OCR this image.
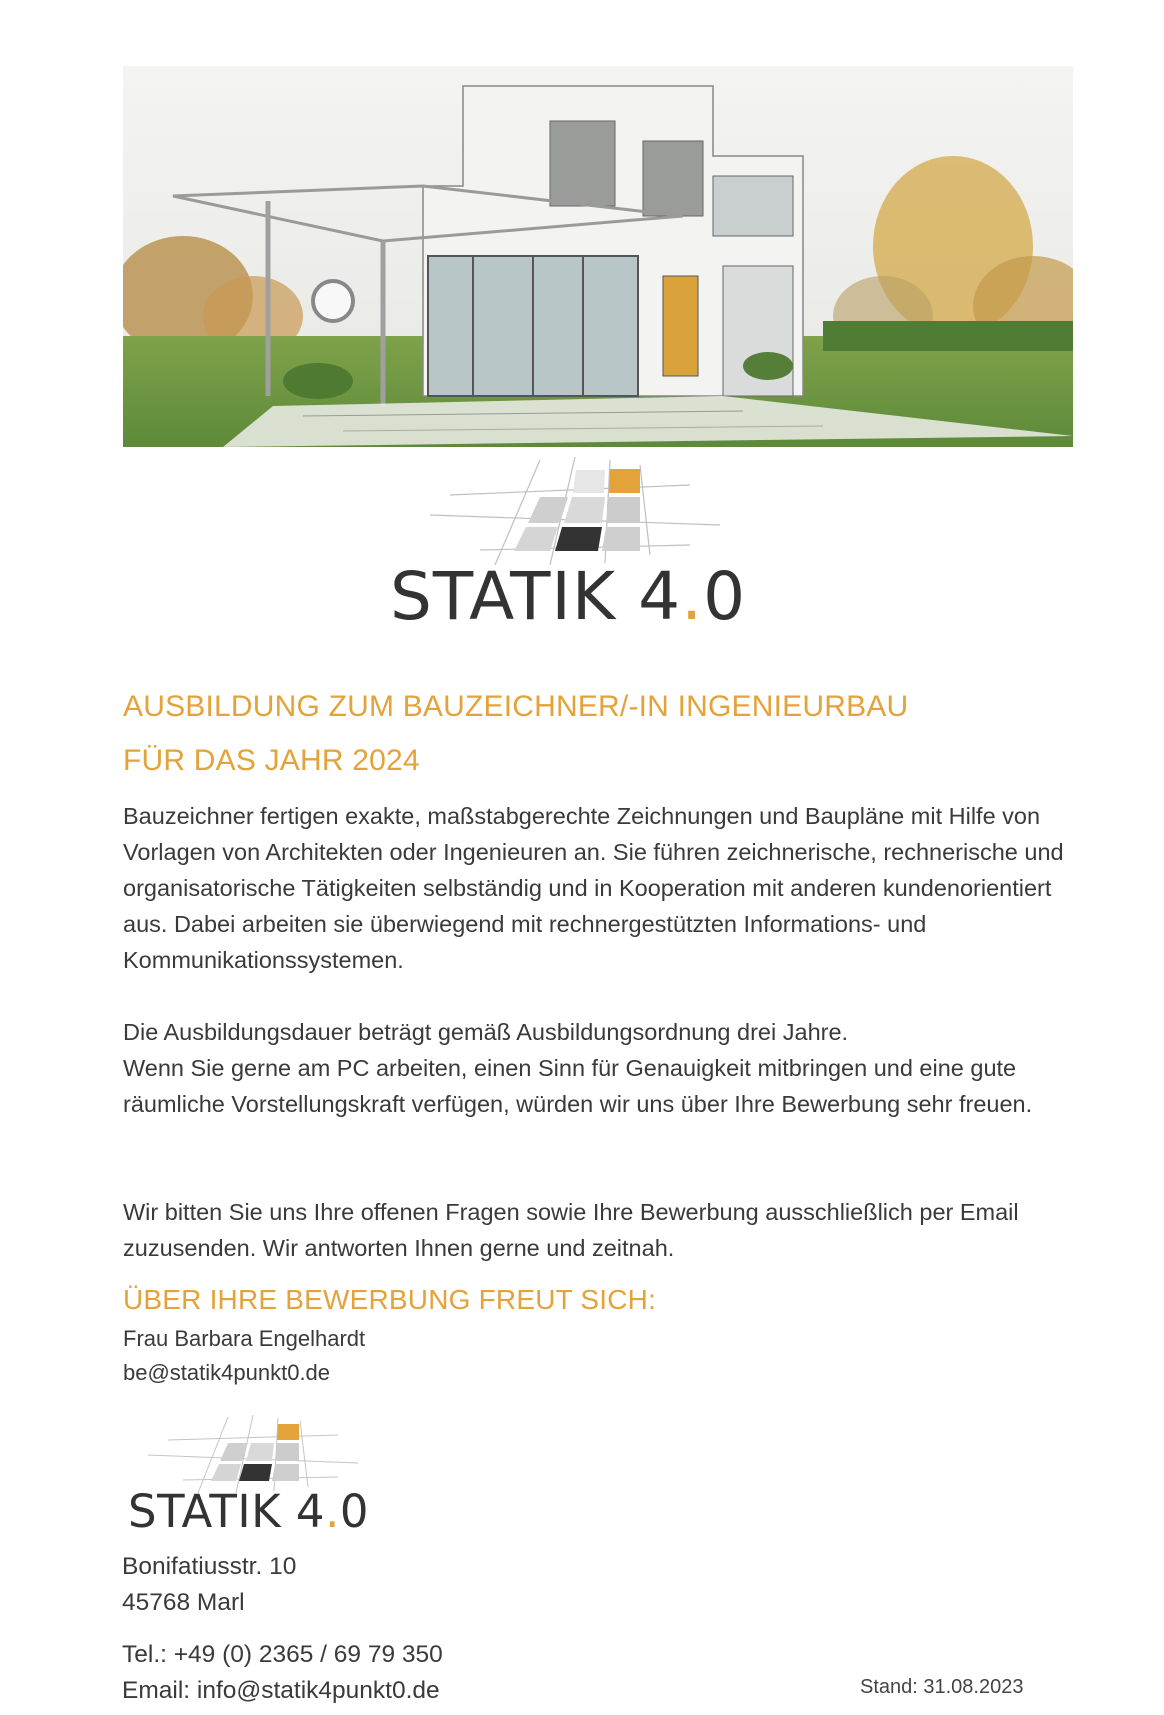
STATIK 4.0
AUSBILDUNG ZUM BAUZEICHNER/-IN INGENIEURBAU
FÜR DAS JAHR 2024

Bauzeichner fertigen exakte, maßstabgerechte Zeichnungen und Baupläne mit Hilfe von Vorlagen von Architekten oder Ingenieuren an. Sie führen zeichnerische, rechnerische und organisatorische Tätigkeiten selbständig und in Kooperation mit anderen kundenorientiert aus. Dabei arbeiten sie überwiegend mit rechnergestützten Informations- und Kommunikationssystemen.

Die Ausbildungsdauer beträgt gemäß Ausbildungsordnung drei Jahre.

Wenn Sie gerne am PC arbeiten, einen Sinn für Genauigkeit mitbringen und eine gute räumliche Vorstellungskraft verfügen, würden wir uns über Ihre Bewerbung sehr freuen.

Wir bitten Sie uns Ihre offenen Fragen sowie Ihre Bewerbung ausschließlich per Email zuzusenden. Wir antworten Ihnen gerne und zeitnah.

ÜBER IHRE BEWERBUNG FREUT SICH:

Frau Barbara Engelhardt

be@statik4punkt0.de

STATIK 4.0

Bonifatiusstr. 10

45768 Marl

Tel.: +49 (0) 2365 / 69 79 350

Email: info@statik4punkt0.de	Stand: 31.08.2023
